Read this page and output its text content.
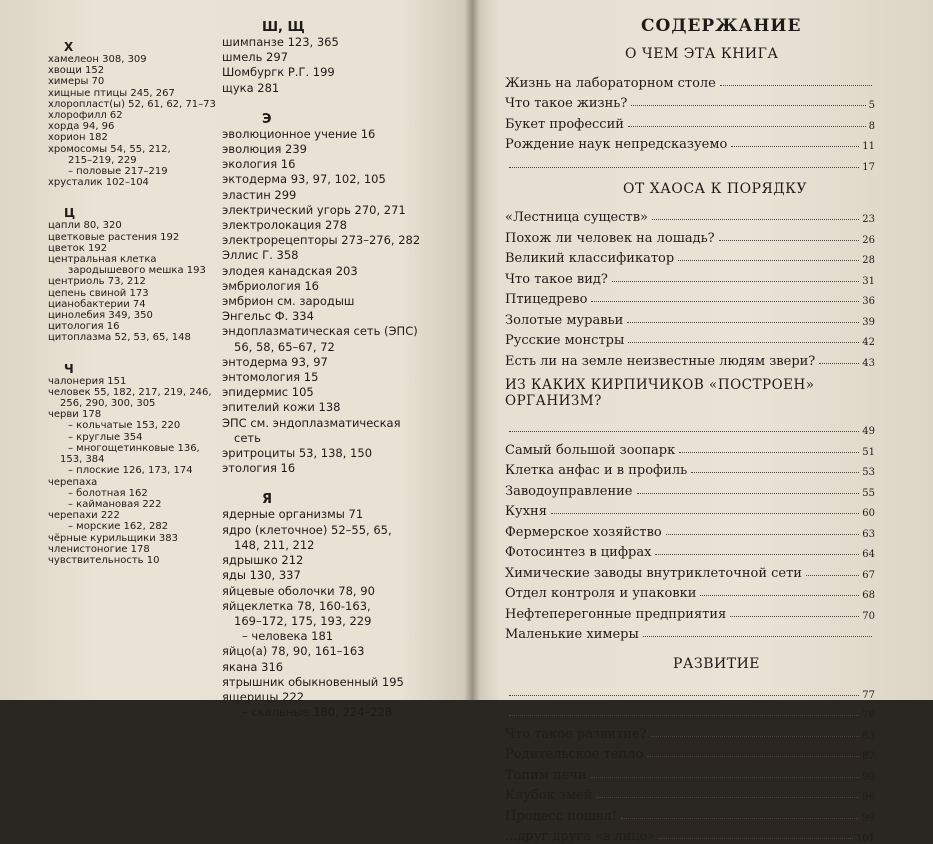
Х
хамелеон 308, 309
хвощи 152
химеры 70
хищные птицы 245, 267
хлоропласт(ы) 52, 61, 62, 71–73
хлорофилл 62
хорда 94, 96
хорион 182
хромосомы 54, 55, 212,
215–219, 229
– половые 217–219
хрусталик 102–104
Ц
цапли 80, 320
цветковые растения 192
цветок 192
центральная клетка
зародышевого мешка 193
центриоль 73, 212
цепень свиной 173
цианобактерии 74
цинолебия 349, 350
цитология 16
цитоплазма 52, 53, 65, 148
Ч
чалонерия 151
человек 55, 182, 217, 219, 246,
256, 290, 300, 305
черви 178
– кольчатые 153, 220
– круглые 354
– многощетинковые 136,
153, 384
– плоские 126, 173, 174
черепаха
– болотная 162
– каймановая 222
черепахи 222
– морские 162, 282
чёрные курильщики 383
членистоногие 178
чувствительность 10
Ш, Щ
шимпанзе 123, 365
шмель 297
Шомбургк Р.Г. 199
щука 281
Э
эволюционное учение 16
эволюция 239
экология 16
эктодерма 93, 97, 102, 105
эластин 299
электрический угорь 270, 271
электролокация 278
электрорецепторы 273–276, 282
Эллис Г. 358
элодея канадская 203
эмбриология 16
эмбрион см. зародыш
Энгельс Ф. 334
эндоплазматическая сеть (ЭПС)
56, 58, 65–67, 72
энтодерма 93, 97
энтомология 15
эпидермис 105
эпителий кожи 138
ЭПС см. эндоплазматическая
сеть
эритроциты 53, 138, 150
этология 16
Я
ядерные организмы 71
ядро (клеточное) 52–55, 65,
148, 211, 212
ядрышко 212
яды 130, 337
яйцевые оболочки 78, 90
яйцеклетка 78, 160-163,
169–172, 175, 193, 229
– человека 181
яйцо(а) 78, 90, 161–163
якана 316
ятрышник обыкновенный 195
ящерицы 222
– скальные 180, 224–228
СОДЕРЖАНИЕ
О ЧЕМ ЭТА КНИГА
Жизнь на лабораторном столе
Что такое жизнь?	5
Букет профессий	8
Рождение наук непредсказуемо	11
17
ОТ ХАОСА К ПОРЯДКУ
«Лестница существ»	23
Похож ли человек на лошадь?	26
Великий классификатор	28
Что такое вид?	31
Птицедрево	36
Золотые муравьи	39
Русские монстры	42
Есть ли на земле неизвестные людям звери?	43
ИЗ КАКИХ КИРПИЧИКОВ «ПОСТРОЕН» ОРГАНИЗМ?
49
Самый большой зоопарк	51
Клетка анфас и в профиль	53
Заводоуправление	55
Кухня	60
Фермерское хозяйство	63
Фотосинтез в цифрах	64
Химические заводы внутриклеточной сети	67
Отдел контроля и упаковки	68
Нефтеперегонные предприятия	70
Маленькие химеры
РАЗВИТИЕ
77
78
Что такое развитие?	83
Родительское тепло	87
Топим печи	90
Клубок змей	96
Процесс пошел!	99
...друг друга «в лицо»	101
